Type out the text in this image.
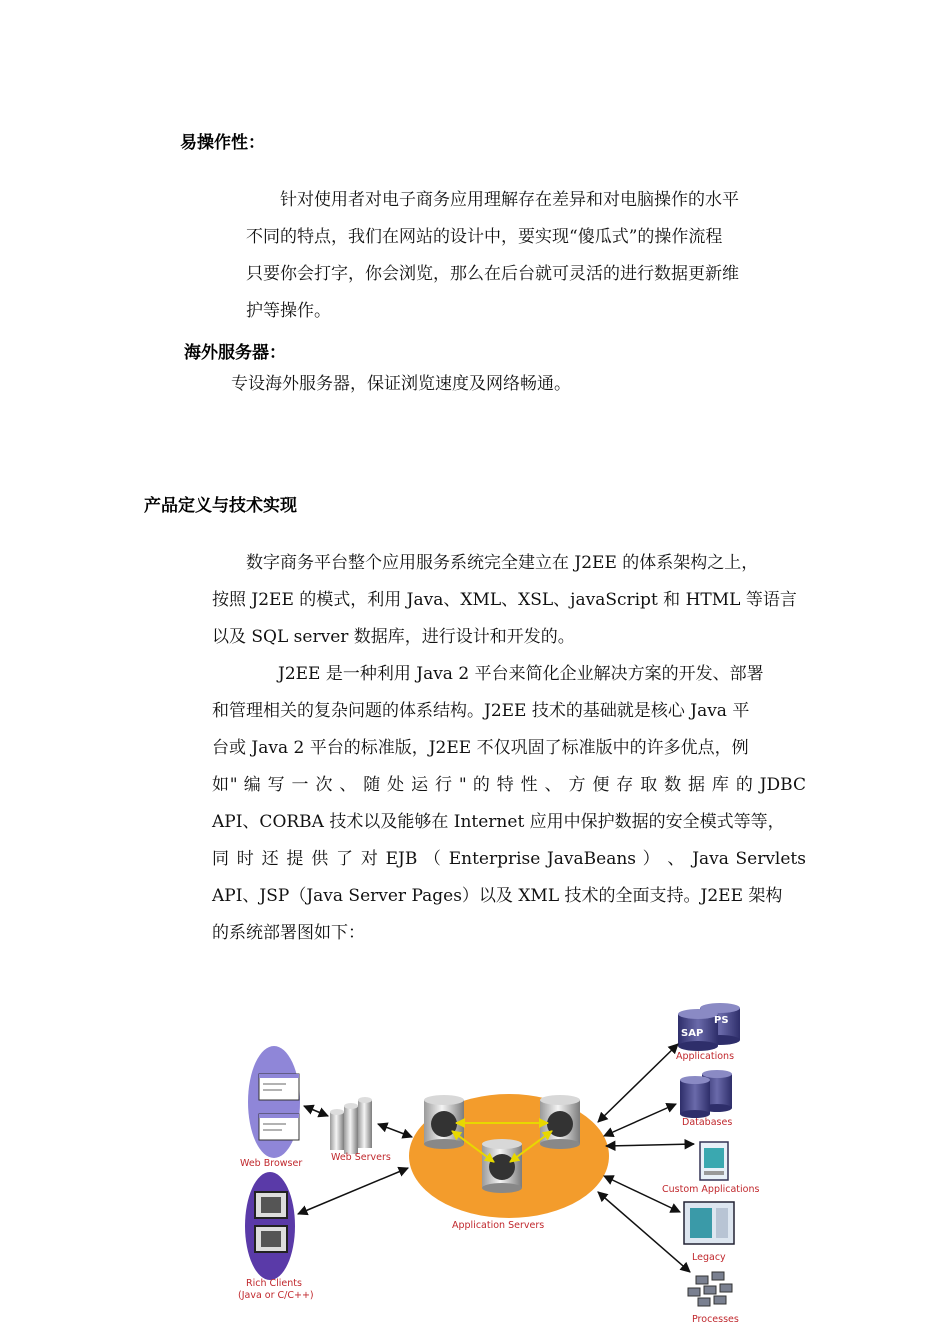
易操作性：
针对使用者对电子商务应用理解存在差异和对电脑操作的水平
不同的特点，我们在网站的设计中，要实现“傻瓜式”的操作流程
只要你会打字，你会浏览，那么在后台就可灵活的进行数据更新维
护等操作。
海外服务器：
专设海外服务器，保证浏览速度及网络畅通。
产品定义与技术实现
数字商务平台整个应用服务系统完全建立在 J2EE 的体系架构之上，
按照 J2EE 的模式，利用 Java、XML、XSL、javaScript 和 HTML 等语言
以及 SQL server 数据库，进行设计和开发的。
J2EE 是一种利用 Java 2 平台来简化企业解决方案的开发、部署
和管理相关的复杂问题的体系结构。J2EE 技术的基础就是核心 Java 平
台或 Java 2 平台的标准版，J2EE 不仅巩固了标准版中的许多优点，例
如" 编 写 一 次 、 随 处 运 行 " 的 特 性 、 方 便 存 取 数 据 库 的 JDBC
API、CORBA 技术以及能够在 Internet 应用中保护数据的安全模式等等，
同 时 还 提 供 了 对 EJB （ Enterprise JavaBeans ） 、 Java Servlets
API、JSP（Java Server Pages）以及 XML 技术的全面支持。J2EE 架构
的系统部署图如下：
Application Servers
Web Browser
Web Servers
Rich Clients
(Java or C/C++)
SAP
PS
Applications
Databases
Custom Applications
Legacy
Processes
